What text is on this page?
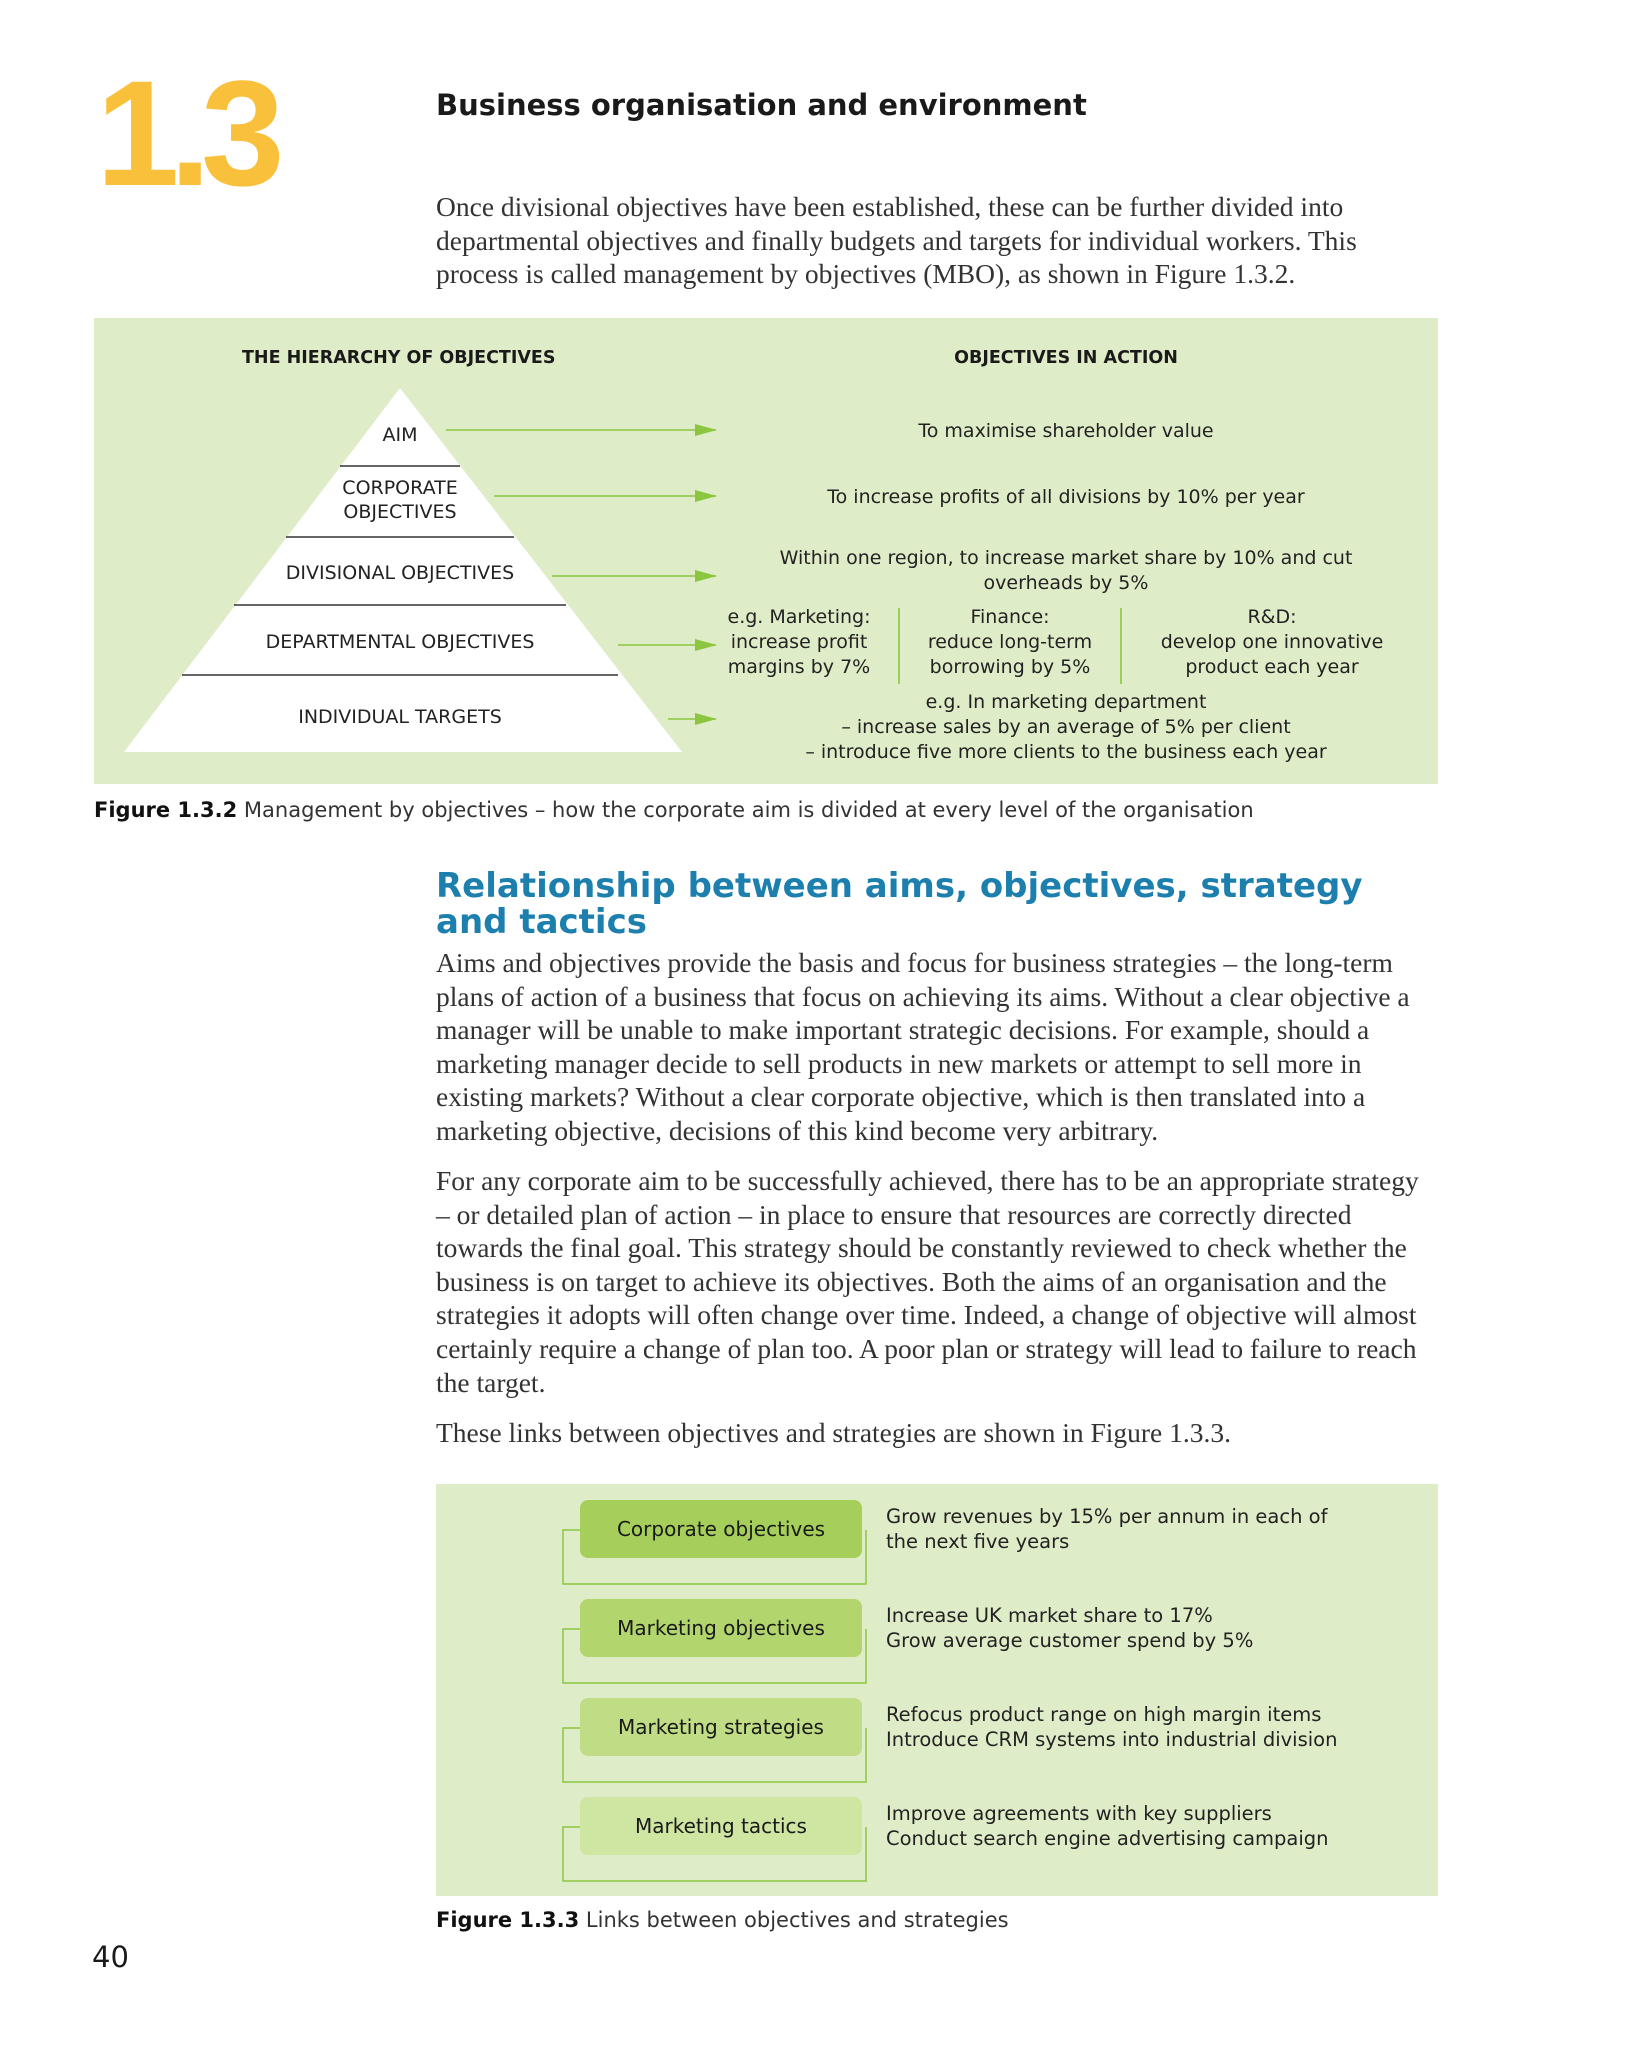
1.3	Business organisation and environment

Once divisional objectives have been established, these can be further divided into departmental objectives and finally budgets and targets for individual workers. This process is called management by objectives (MBO), as shown in Figure 1.3.2.

THE HIERARCHY OF OBJECTIVES	OBJECTIVES IN ACTION
AIM
CORPORATE
OBJECTIVES
DIVISIONAL OBJECTIVES
DEPARTMENTAL OBJECTIVES
INDIVIDUAL TARGETS
To maximise shareholder value
To increase profits of all divisions by 10% per year
Within one region, to increase market share by 10% and cut
overheads by 5%
e.g. In marketing department
– increase sales by an average of 5% per client
– introduce five more clients to the business each year
e.g. Marketing:
increase profit
margins by 7%
Finance:
reduce long-term
borrowing by 5%
R&D:
develop one innovative
product each year
Figure 1.3.2 Management by objectives – how the corporate aim is divided at every level of the organisation
Relationship between aims, objectives, strategy
and tactics

Aims and objectives provide the basis and focus for business strategies – the long-term plans of action of a business that focus on achieving its aims. Without a clear objective a manager will be unable to make important strategic decisions. For example, should a marketing manager decide to sell products in new markets or attempt to sell more in existing markets? Without a clear corporate objective, which is then translated into a marketing objective, decisions of this kind become very arbitrary.

For any corporate aim to be successfully achieved, there has to be an appropriate strategy – or detailed plan of action – in place to ensure that resources are correctly directed towards the final goal. This strategy should be constantly reviewed to check whether the business is on target to achieve its objectives. Both the aims of an organisation and the strategies it adopts will often change over time. Indeed, a change of objective will almost certainly require a change of plan too. A poor plan or strategy will lead to failure to reach the target.

These links between objectives and strategies are shown in Figure 1.3.3.

Corporate objectives
Marketing objectives
Marketing strategies
Marketing tactics
Grow revenues by 15% per annum in each of
the next five years
Increase UK market share to 17%
Grow average customer spend by 5%
Refocus product range on high margin items
Introduce CRM systems into industrial division
Improve agreements with key suppliers
Conduct search engine advertising campaign
Figure 1.3.3 Links between objectives and strategies
40
